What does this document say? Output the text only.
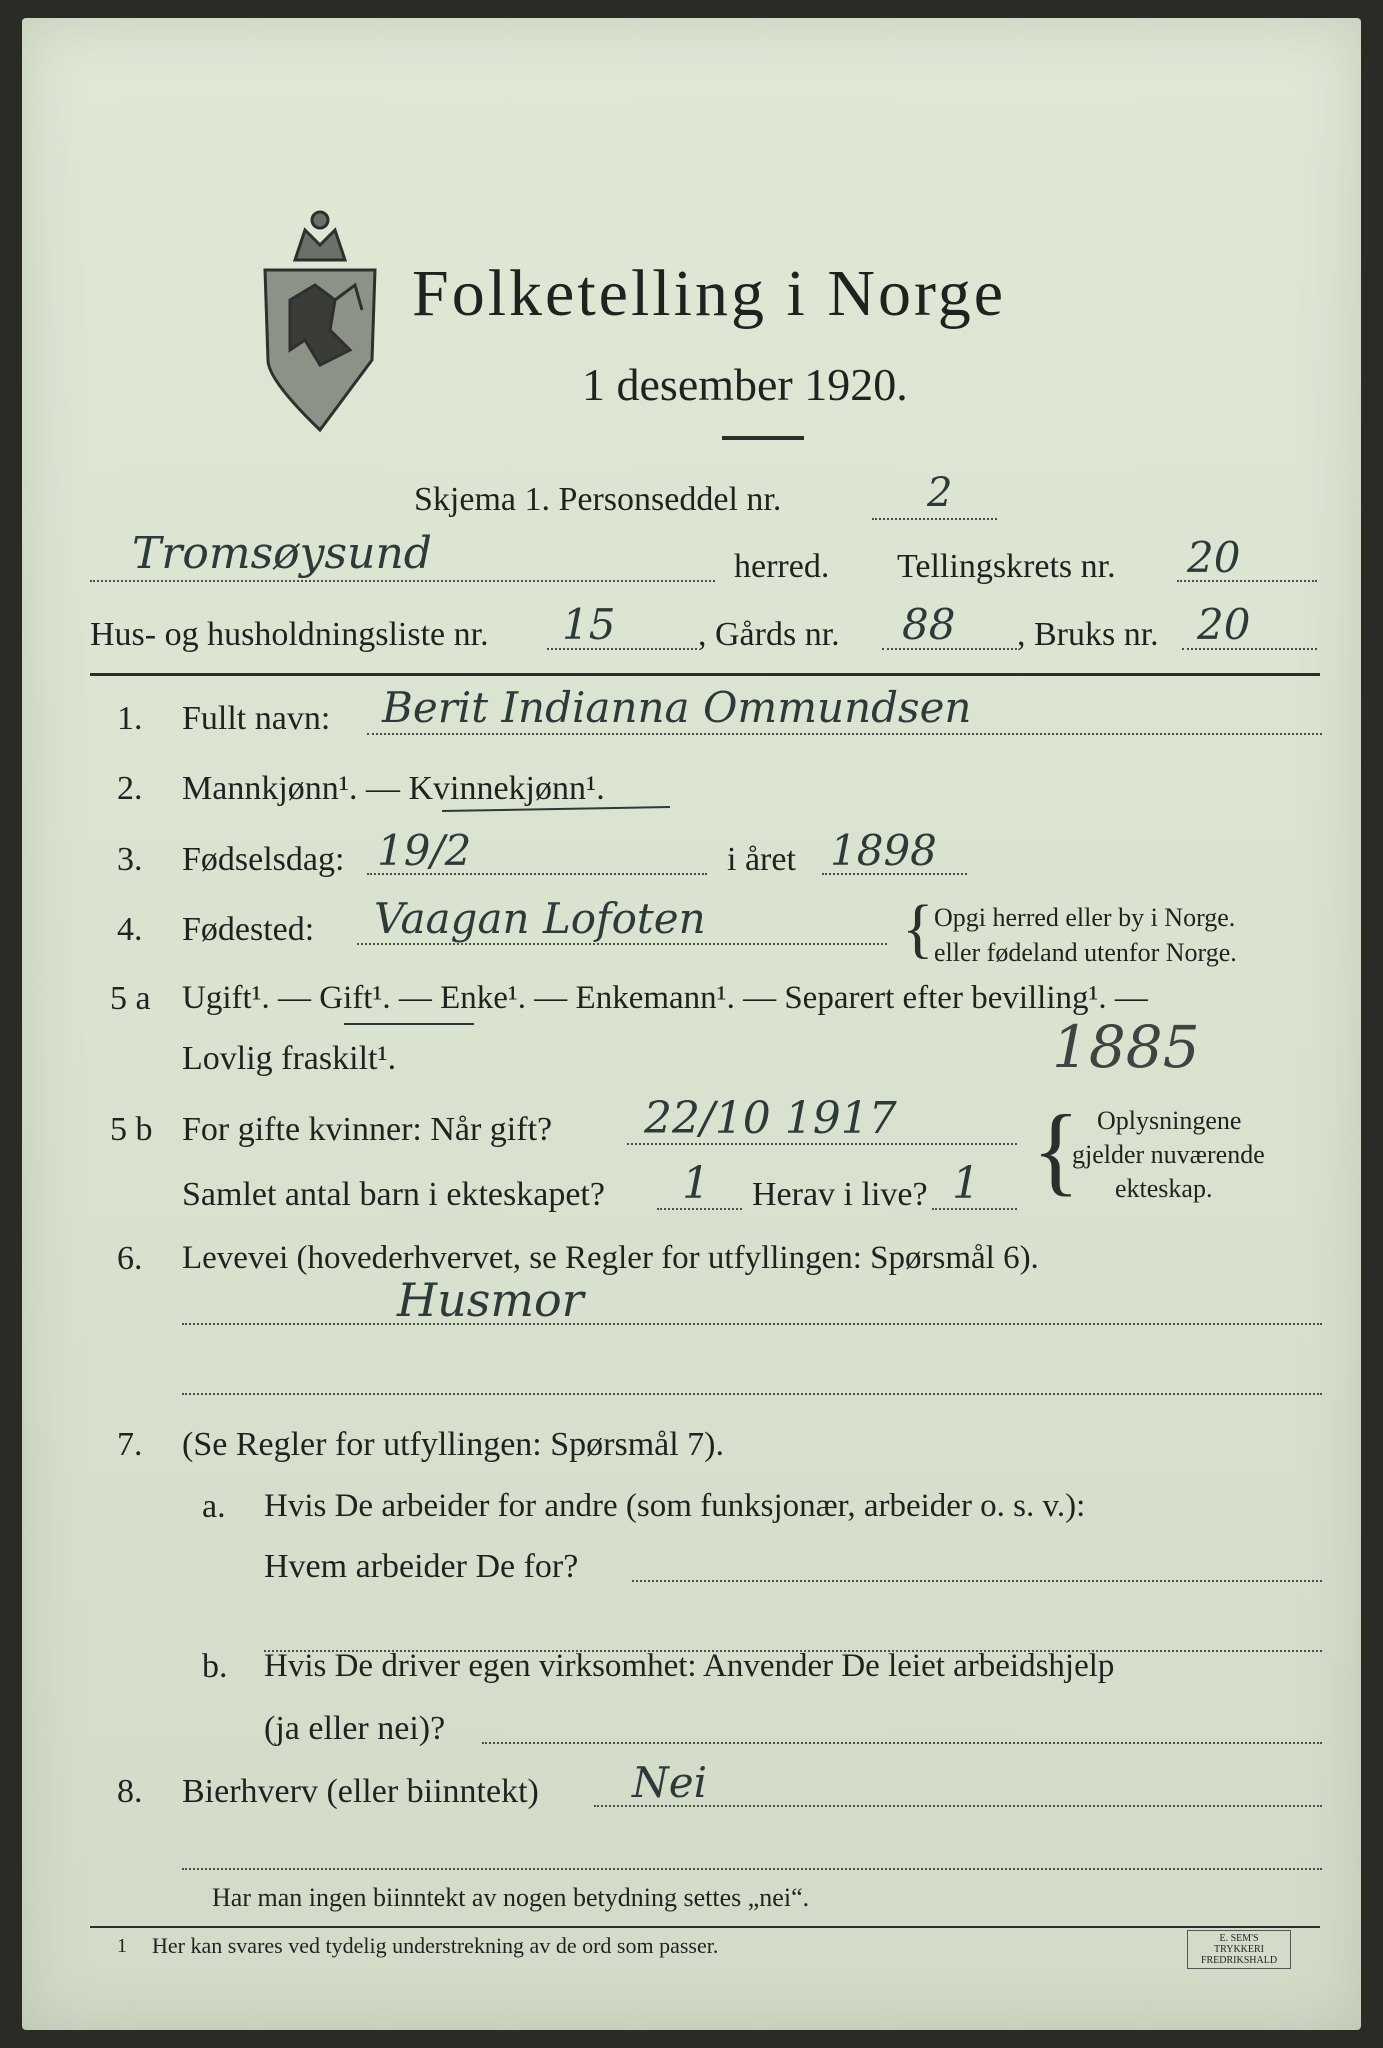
Folketelling i Norge
1 desember 1920.
Skjema 1. Personseddel nr.	2
Tromsøysund	herred. Tellingskrets nr. 20
Hus- og husholdningsliste nr. 15 , Gårds nr. 88 , Bruks nr. 20
1. Fullt navn: Berit Indianna Ommundsen
2. Mannkjønn¹. — Kvinnekjønn¹.
3. Fødselsdag: 19/2	i året 1898
4. Fødested: Vaagan Lofoten	{ Opgi herred eller by i Norge.
eller fødeland utenfor Norge.
5 a Ugift¹. — Gift¹. — Enke¹. — Enkemann¹. — Separert efter bevilling¹. —
Lovlig fraskilt¹.	1885
5 b For gifte kvinner: Når gift? 22/10 1917
Samlet antal barn i ekteskapet? 1 Herav i live? 1 { Oplysningene
gjelder nuværende
ekteskap.
6. Levevei (hovederhvervet, se Regler for utfyllingen: Spørsmål 6).
Husmor
7. (Se Regler for utfyllingen: Spørsmål 7).
a. Hvis De arbeider for andre (som funksjonær, arbeider o. s. v.):
Hvem arbeider De for?
b. Hvis De driver egen virksomhet: Anvender De leiet arbeidshjelp
(ja eller nei)?
8. Bierhverv (eller biinntekt) Nei
Har man ingen biinntekt av nogen betydning settes „nei“.
1 Her kan svares ved tydelig understrekning av de ord som passer.	E. SEM'S TRYKKERI FREDRIKSHALD
